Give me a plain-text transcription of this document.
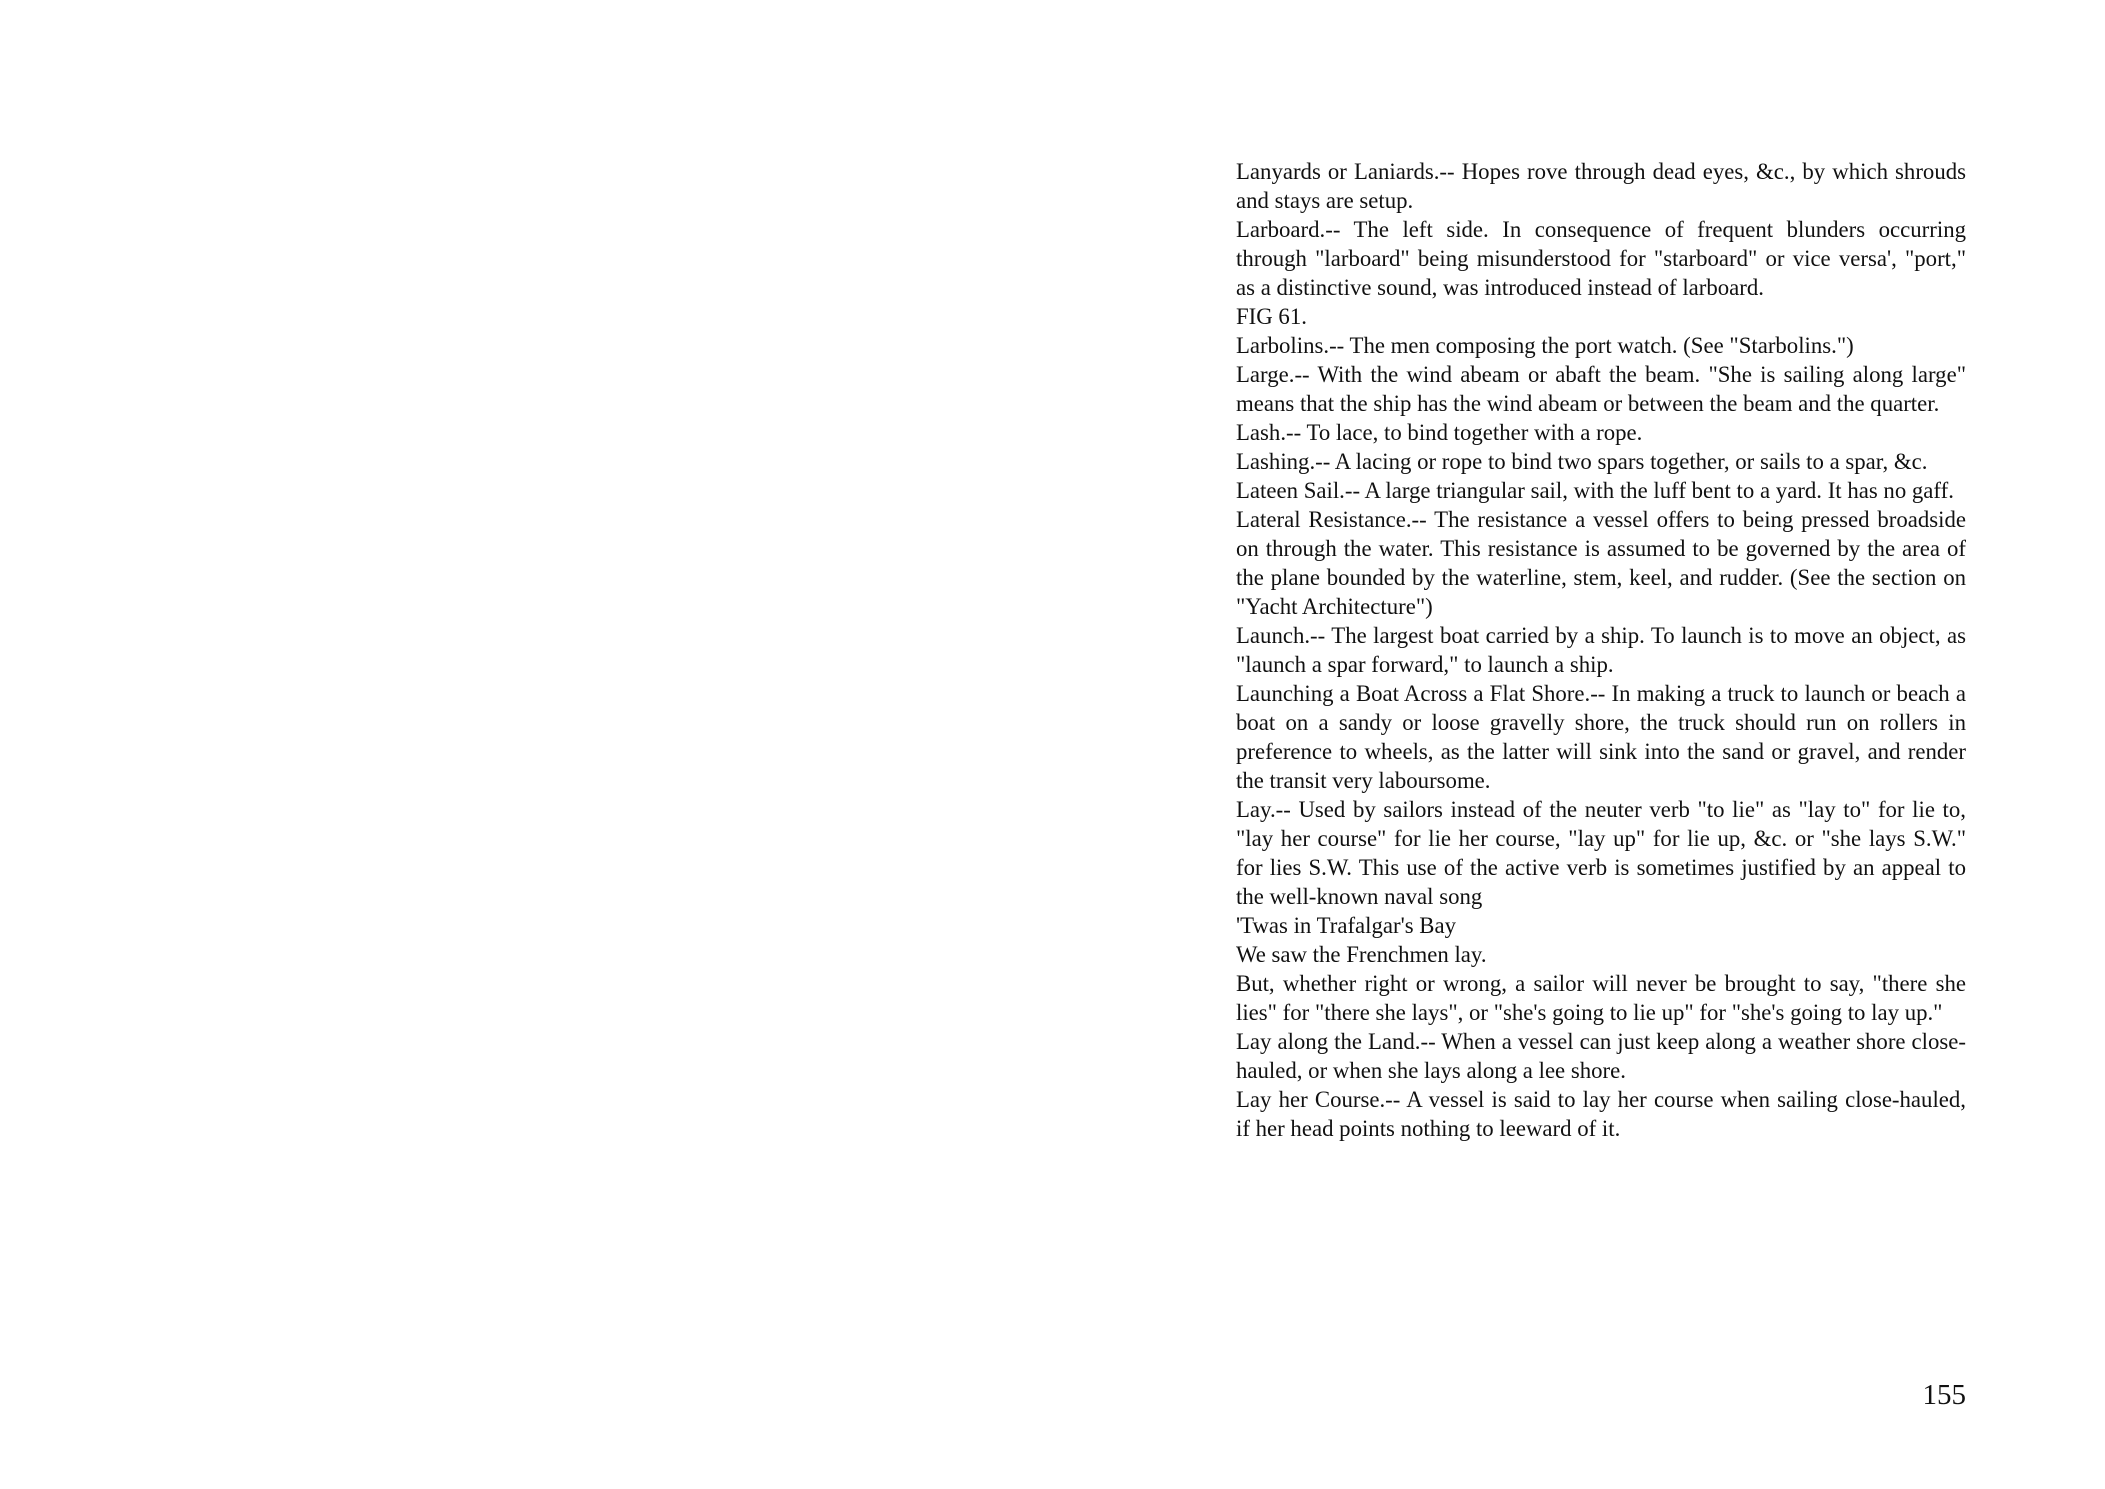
Lanyards or Laniards.-- Hopes rove through dead eyes, &c., by which shrouds and stays are setup.

Larboard.-- The left side. In consequence of frequent blunders occurring through "larboard" being misunderstood for "starboard" or vice versa', "port," as a distinctive sound, was introduced instead of larboard.

FIG 61.

Larbolins.-- The men composing the port watch. (See "Starbolins.")

Large.-- With the wind abeam or abaft the beam. "She is sailing along large" means that the ship has the wind abeam or between the beam and the quarter.

Lash.-- To lace, to bind together with a rope.

Lashing.-- A lacing or rope to bind two spars together, or sails to a spar, &c.

Lateen Sail.-- A large triangular sail, with the luff bent to a yard. It has no gaff.

Lateral Resistance.-- The resistance a vessel offers to being pressed broadside on through the water. This resistance is assumed to be governed by the area of the plane bounded by the waterline, stem, keel, and rudder. (See the section on "Yacht Architecture")

Launch.-- The largest boat carried by a ship. To launch is to move an object, as "launch a spar forward," to launch a ship.

Launching a Boat Across a Flat Shore.-- In making a truck to launch or beach a boat on a sandy or loose gravelly shore, the truck should run on rollers in preference to wheels, as the latter will sink into the sand or gravel, and render the transit very laboursome.

Lay.-- Used by sailors instead of the neuter verb "to lie" as "lay to" for lie to, "lay her course" for lie her course, "lay up" for lie up, &c. or "she lays S.W." for lies S.W. This use of the active verb is sometimes justified by an appeal to the well-known naval song

'Twas in Trafalgar's Bay

We saw the Frenchmen lay.

But, whether right or wrong, a sailor will never be brought to say, "there she lies" for "there she lays", or "she's going to lie up" for "she's going to lay up."

Lay along the Land.-- When a vessel can just keep along a weather shore close-hauled, or when she lays along a lee shore.

Lay her Course.-- A vessel is said to lay her course when sailing close-hauled, if her head points nothing to leeward of it.

155
